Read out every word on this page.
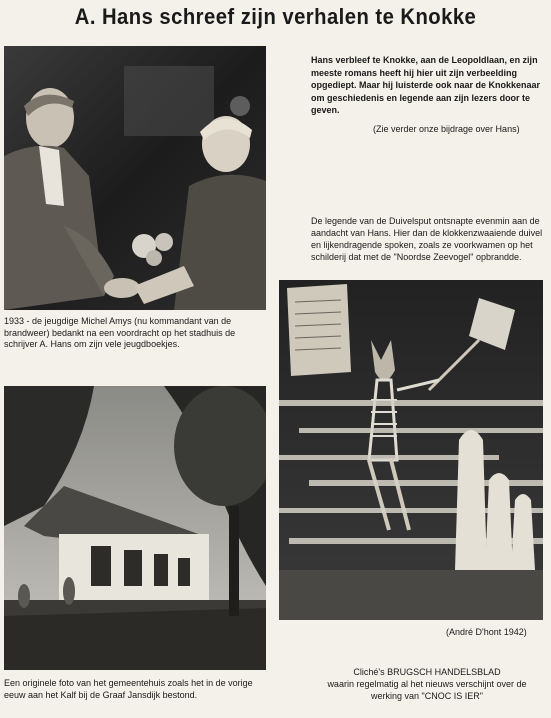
A. Hans schreef zijn verhalen te Knokke
1933 - de jeugdige Michel Amys (nu kommandant van de brandweer) bedankt na een voordracht op het stadhuis de schrijver A. Hans om zijn vele jeugdboekjes.
Een originele foto van het gemeentehuis zoals het in de vorige eeuw aan het Kalf bij de Graaf Jansdijk bestond.
Hans verbleef te Knokke, aan de Leopoldlaan, en zijn meeste romans heeft hij hier uit zijn verbeelding opgediept. Maar hij luisterde ook naar de Knokkenaar om geschiedenis en legende aan zijn lezers door te geven.
(Zie verder onze bijdrage over Hans)
De legende van de Duivelsput ontsnapte evenmin aan de aandacht van Hans. Hier dan de klokkenzwaaiende duivel en lijkendragende spoken, zoals ze voorkwamen op het schilderij dat met de "Noordse Zeevogel" opbrandde.
(André D'hont 1942)
Cliché's BRUGSCH HANDELSBLAD
waarin regelmatig al het nieuws verschijnt over de werking van "CNOC IS IER"
